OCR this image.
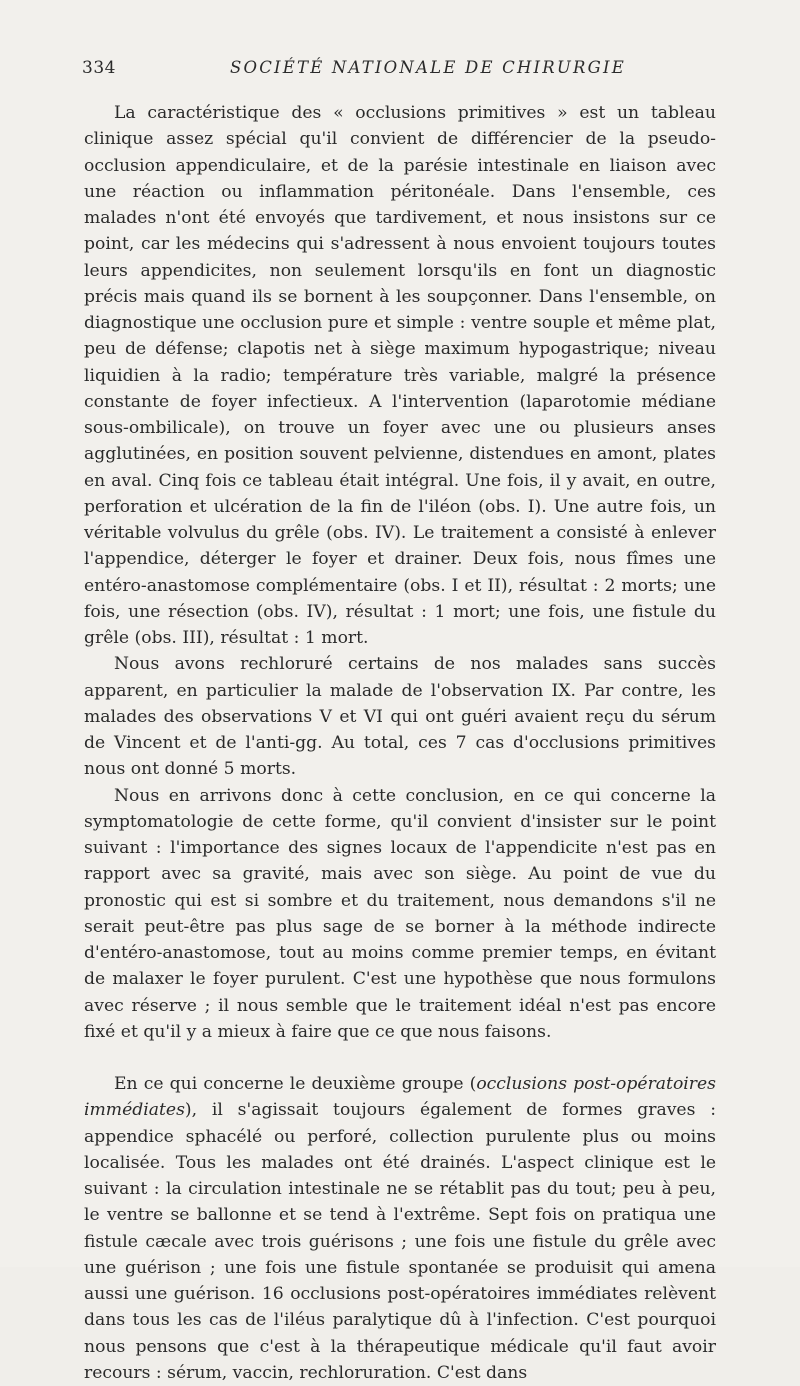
334	SOCIÉTÉ NATIONALE DE CHIRURGIE

La caractéristique des « occlusions primitives » est un tableau clinique assez spécial qu'il convient de différencier de la pseudo-occlusion appendiculaire, et de la parésie intestinale en liaison avec une réaction ou inflammation péritonéale. Dans l'ensemble, ces malades n'ont été envoyés que tardivement, et nous insistons sur ce point, car les médecins qui s'adressent à nous envoient toujours toutes leurs appendicites, non seulement lorsqu'ils en font un diagnostic précis mais quand ils se bornent à les soupçonner. Dans l'ensemble, on diagnostique une occlusion pure et simple : ventre souple et même plat, peu de défense; clapotis net à siège maximum hypogastrique; niveau liquidien à la radio; température très variable, malgré la présence constante de foyer infectieux. A l'intervention (laparotomie médiane sous-ombilicale), on trouve un foyer avec une ou plusieurs anses agglutinées, en position souvent pelvienne, distendues en amont, plates en aval. Cinq fois ce tableau était intégral. Une fois, il y avait, en outre, perforation et ulcération de la fin de l'iléon (obs. I). Une autre fois, un véritable volvulus du grêle (obs. IV). Le traitement a consisté à enlever l'appendice, déterger le foyer et drainer. Deux fois, nous fîmes une entéro-anastomose complémentaire (obs. I et II), résultat : 2 morts; une fois, une résection (obs. IV), résultat : 1 mort; une fois, une fistule du grêle (obs. III), résultat : 1 mort.

Nous avons rechloruré certains de nos malades sans succès apparent, en particulier la malade de l'observation IX. Par contre, les malades des observations V et VI qui ont guéri avaient reçu du sérum de Vincent et de l'anti-gg. Au total, ces 7 cas d'occlusions primitives nous ont donné 5 morts.

Nous en arrivons donc à cette conclusion, en ce qui concerne la symptomatologie de cette forme, qu'il convient d'insister sur le point suivant : l'importance des signes locaux de l'appendicite n'est pas en rapport avec sa gravité, mais avec son siège. Au point de vue du pronostic qui est si sombre et du traitement, nous demandons s'il ne serait peut-être pas plus sage de se borner à la méthode indirecte d'entéro-anastomose, tout au moins comme premier temps, en évitant de malaxer le foyer purulent. C'est une hypothèse que nous formulons avec réserve ; il nous semble que le traitement idéal n'est pas encore fixé et qu'il y a mieux à faire que ce que nous faisons.

En ce qui concerne le deuxième groupe (occlusions post-opératoires immédiates), il s'agissait toujours également de formes graves : appendice sphacélé ou perforé, collection purulente plus ou moins localisée. Tous les malades ont été drainés. L'aspect clinique est le suivant : la circulation intestinale ne se rétablit pas du tout; peu à peu, le ventre se ballonne et se tend à l'extrême. Sept fois on pratiqua une fistule cæcale avec trois guérisons ; une fois une fistule du grêle avec une guérison ; une fois une fistule spontanée se produisit qui amena aussi une guérison. 16 occlusions post-opératoires immédiates relèvent dans tous les cas de l'iléus paralytique dû à l'infection. C'est pourquoi nous pensons que c'est à la thérapeutique médicale qu'il faut avoir recours : sérum, vaccin, rechloruration. C'est dans
